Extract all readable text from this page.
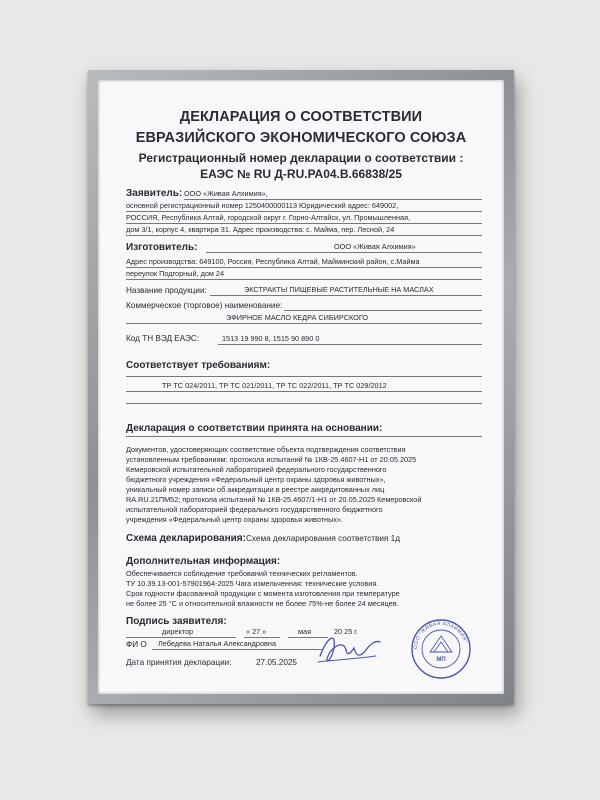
ДЕКЛАРАЦИЯ О СООТВЕТСТВИИ
ЕВРАЗИЙСКОГО ЭКОНОМИЧЕСКОГО СОЮЗА
Регистрационный номер декларации о соответствии :
ЕАЭС № RU Д-RU.РА04.В.66838/25
Заявитель: ООО «Живая Алхимия»,
основной регистрационный номер 1250400000113 Юридический адрес: 649002,
РОССИЯ, Республика Алтай, городской округ г. Горно-Алтайск, ул. Промышленная,
дом 3/1, корпус 4, квартира 31. Адрес производства: с. Майма, пер. Лесной, 24
Изготовитель:	ООО «Живая Алхимия»
Адрес производства: 649100, Россия, Республика Алтай, Майминский район, с.Майма
переулок Подгорный, дом 24
Название продукции:	ЭКСТРАКТЫ ПИЩЕВЫЕ РАСТИТЕЛЬНЫЕ НА МАСЛАХ
Коммерческое (торговое) наименование:
ЭФИРНОЕ МАСЛО КЕДРА СИБИРСКОГО
Код ТН ВЭД ЕАЭС:	1513 19 990 8, 1515 90 890 0
Соответствует требованиям:
ТР ТС 024/2011, ТР ТС 021/2011, ТР ТС 022/2011, ТР ТС 029/2012
Декларация о соответствии принята на основании:
Документов, удостоверяющих соответствие объекта подтверждения соответствия
установленным требованиям: протокола испытаний № 1КВ-25.4607-Н1 от 20.05.2025
Кемеровской испытательной лабораторией федерального государственного
бюджетного учреждения «Федеральный центр охраны здоровья животных»,
уникальный номер записи об аккредитации в реестре аккредитованных лиц
RA.RU.21ПМ52; протокола испытаний № 1КВ-25.4607/1-Н1 от 20.05.2025 Кемеровской
испытательной лабораторией федерального государственного бюджетного
учреждения «Федеральный центр охраны здоровья животных».
Схема декларирования: Схема декларирования соответствия 1д
Дополнительная информация:
Обеспечивается соблюдение требований технических регламентов.
ТУ 10.39.13-001-57901964-2025 Чага измельченная: технические условия.
Срок годности фасованной продукции с момента изготовления при температуре
не более 25 °С и относительной влажности не более 75%-не более 24 месяцев.
Подпись заявителя:
директор	« 27 »	мая	20 25 г.
ФИ О Лебедева Наталья Александровна
Дата принятия декларации:	27.05.2025
ООО "ЖИВАЯ АЛХИМИЯ"
МП
